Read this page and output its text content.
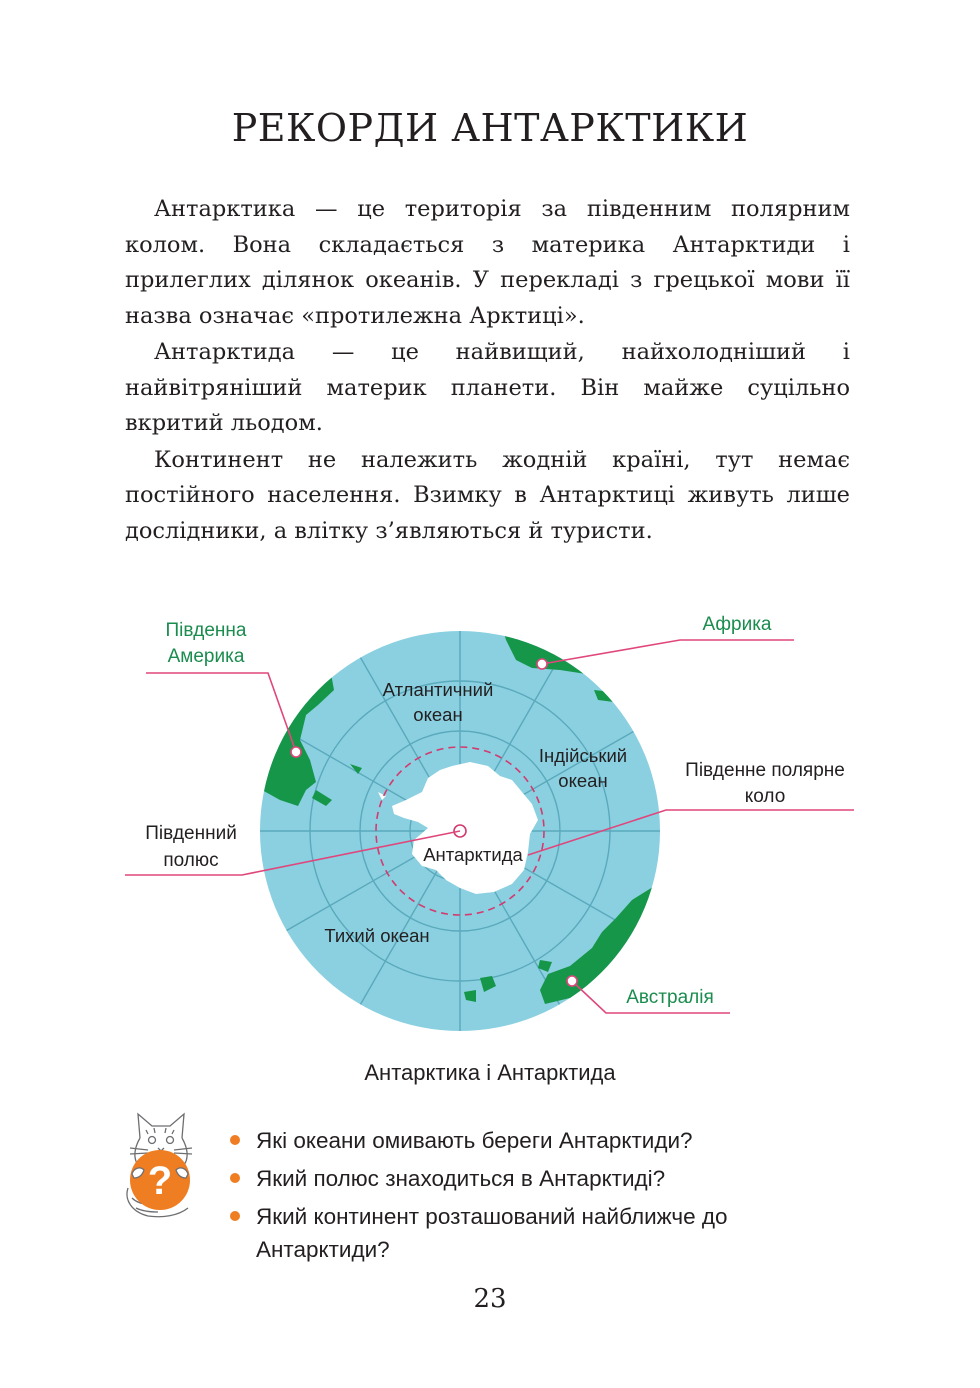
РЕКОРДИ АНТАРКТИКИ

Антарктика — це територія за південним полярним колом. Вона складається з материка Антарктиди і прилеглих ділянок океанів. У перекладі з грецької мови її назва означає «протилежна Арктиці».

Антарктида — це найвищий, найхолодніший і найвітряніший материк планети. Він майже суцільно вкритий льодом.

Континент не належить жодній країні, тут немає постійного населення. Взимку в Антарктиці живуть лише дослідники, а влітку з’являються й туристи.

Південна
Америка
Африка
Південний
полюс
Південне полярне
коло
Австралія
Атлантичний
океан
Індійський
океан
Тихий океан
Антарктида
Антарктика і Антарктида
?
Які океани омивають береги Антарктиди?
Який полюс знаходиться в Антарктиді?
Який континент розташований найближче до Антарктиди?
23
